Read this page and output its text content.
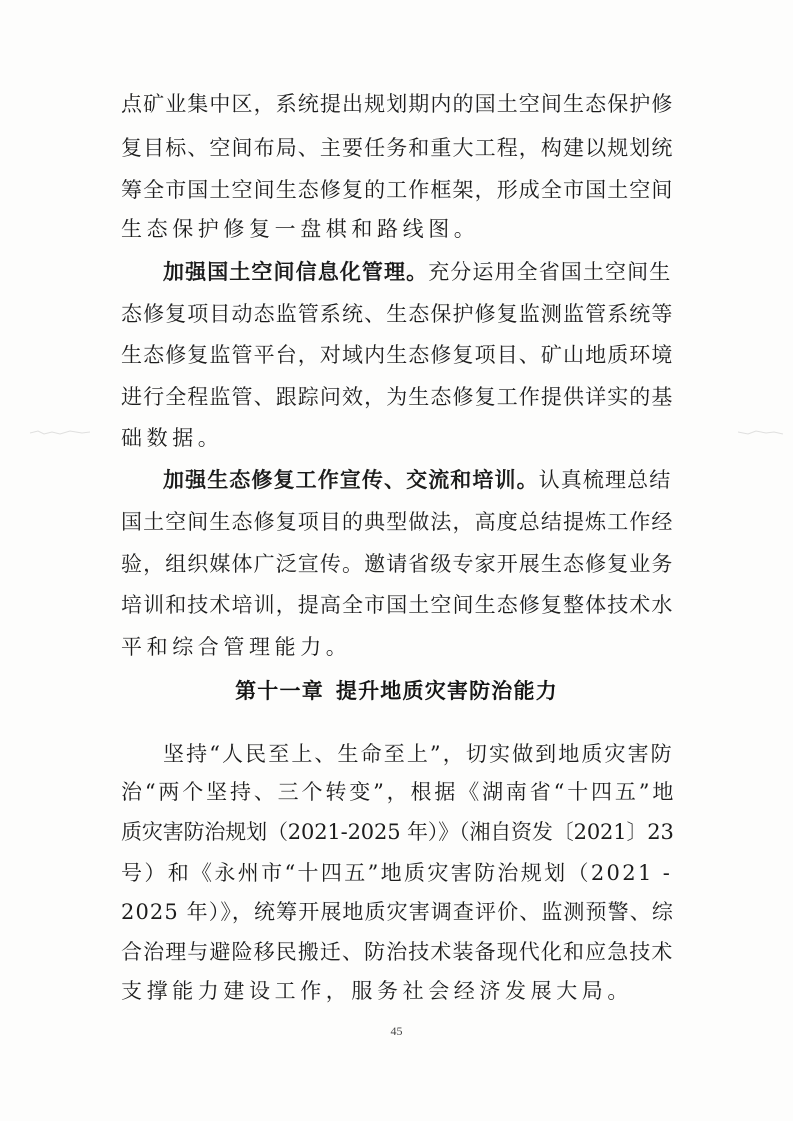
点矿业集中区，系统提出规划期内的国土空间生态保护修
复目标、空间布局、主要任务和重大工程，构建以规划统
筹全市国土空间生态修复的工作框架，形成全市国土空间
生态保护修复一盘棋和路线图。
加强国土空间信息化管理。充分运用全省国土空间生
态修复项目动态监管系统、生态保护修复监测监管系统等
生态修复监管平台，对域内生态修复项目、矿山地质环境
进行全程监管、跟踪问效，为生态修复工作提供详实的基
础数据。
加强生态修复工作宣传、交流和培训。认真梳理总结
国土空间生态修复项目的典型做法，高度总结提炼工作经
验，组织媒体广泛宣传。邀请省级专家开展生态修复业务
培训和技术培训，提高全市国土空间生态修复整体技术水
平和综合管理能力。
第十一章 提升地质灾害防治能力
坚持“人民至上、生命至上”，切实做到地质灾害防
治“两个坚持、三个转变”，根据《湖南省“十四五”地
质灾害防治规划（2021-2025 年）》（湘自资发〔2021〕23
号）和《永州市“十四五”地质灾害防治规划（2021 -
2025 年）》，统筹开展地质灾害调查评价、监测预警、综
合治理与避险移民搬迁、防治技术装备现代化和应急技术
支撑能力建设工作，服务社会经济发展大局。
45
